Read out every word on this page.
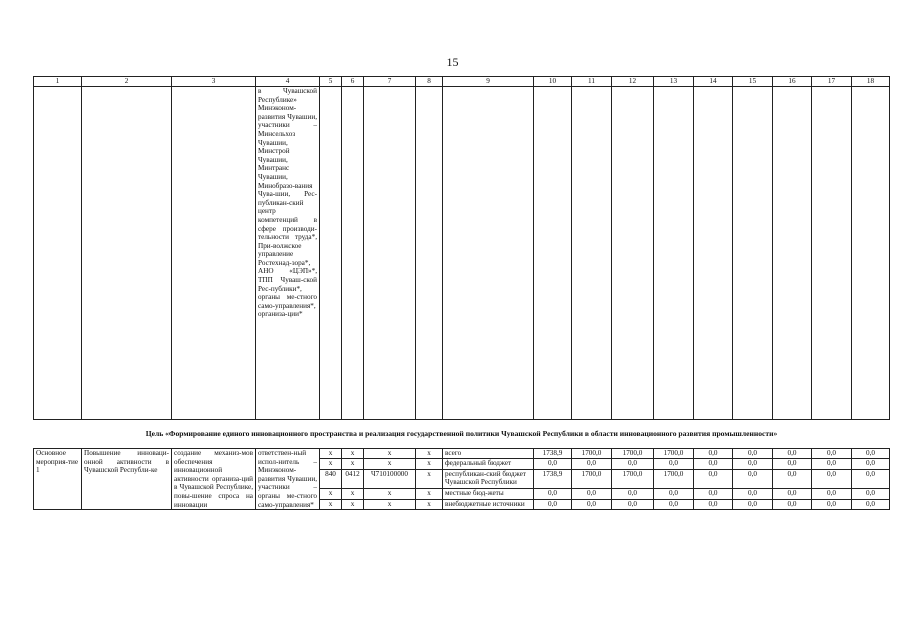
15
1	2	3	4	5	6	7	8	9	10	11	12	13	14	15	16	17	18
			в Чувашской Республике» Минэконом-развития Чувашии, участники – Минсельхоз Чувашии, Минстрой Чувашии, Минтранс Чувашии, Минобразо-вания Чува-шии, Рес-публикан-ский центр компетенций в сфере производи-тельности труда*, При-волжское управление Ростехнад-зора*, АНО «ЦЭП»*, ТПП Чуваш-ской Рес-публики*, органы ме-стного само-управления*, организа-ции*														
Цель «Формирование единого инновационного пространства и реализация государственной политики Чувашской Республики в области инновационного развития промышленности»																	
Основное мероприя-тие 1	Повышение инноваци-онной активности в Чувашской Республи-ке	создание механиз-мов обеспечения инновационной активности организа-ций в Чувашской Республике, повы-шение спроса на инновации	ответствен-ный испол-нитель – Минэконом-развития Чувашии, участники – органы ме-стного само-управления*	x	x	x	x	всего	1738,9	1700,0	1700,0	1700,0	0,0	0,0	0,0	0,0	0,0
				x	x	x	x	федеральный бюджет	0,0	0,0	0,0	0,0	0,0	0,0	0,0	0,0	0,0
				840	0412	Ч710100000	x	республикан-ский бюджет Чувашской Республики	1738,9	1700,0	1700,0	1700,0	0,0	0,0	0,0	0,0	0,0
				x	x	x	x	местные бюд-жеты	0,0	0,0	0,0	0,0	0,0	0,0	0,0	0,0	0,0
				x	x	x	x	внебюджетные источники	0,0	0,0	0,0	0,0	0,0	0,0	0,0	0,0	0,0
